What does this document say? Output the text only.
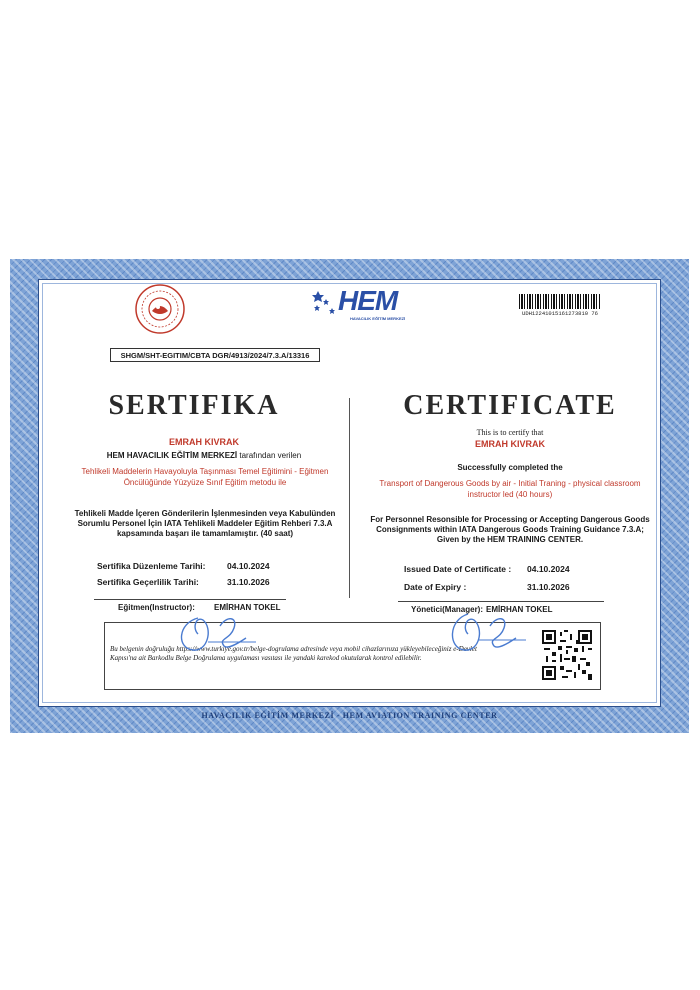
HAVACILIK EĞİTİM MERKEZİ - HEM AVIATION TRAINING CENTER
HEM
HAVACILIK EĞİTİM MERKEZİ
UDH12241015161273810 76
SHGM/SHT-EGITIM/CBTA DGR/4913/2024/7.3.A/13316
SERTIFIKA	CERTIFICATE
EMRAH KIVRAK
HEM HAVACILIK EĞİTİM MERKEZİ tarafından verilen
Tehlikeli Maddelerin Havayoluyla Taşınması Temel Eğitimini - Eğitmen
Öncülüğünde Yüzyüze Sınıf Eğitim metodu ile
Tehlikeli Madde İçeren Gönderilerin İşlenmesinden veya Kabulünden
Sorumlu Personel İçin IATA Tehlikeli Maddeler Eğitim Rehberi 7.3.A
kapsamında başarı ile tamamlamıştır. (40 saat)
Sertifika Düzenleme Tarihi:	04.10.2024
Sertifika Geçerlilik Tarihi:	31.10.2026
Eğitmen(Instructor): EMİRHAN TOKEL
This is to certify that
EMRAH KIVRAK
Successfully completed the
Transport of Dangerous Goods by air - Initial Traning - physical classroom
instructor led (40 hours)
For Personnel Resonsible for Processing or Accepting Dangerous Goods
Consignments within IATA Dangerous Goods Training Guidance 7.3.A;
Given by the HEM TRAINING CENTER.
Issued Date of Certificate : 04.10.2024
Date of Expiry :	31.10.2026
Yönetici(Manager): EMİRHAN TOKEL
Bu belgenin doğruluğu https://www.turkiye.gov.tr/belge-dogrulama adresinde veya mobil cihazlarınıza yükleyebileceğiniz e-Devlet
Kapısı'na ait Barkodlu Belge Doğrulama uygulaması vasıtası ile yandaki karekod okutularak kontrol edilebilir.
